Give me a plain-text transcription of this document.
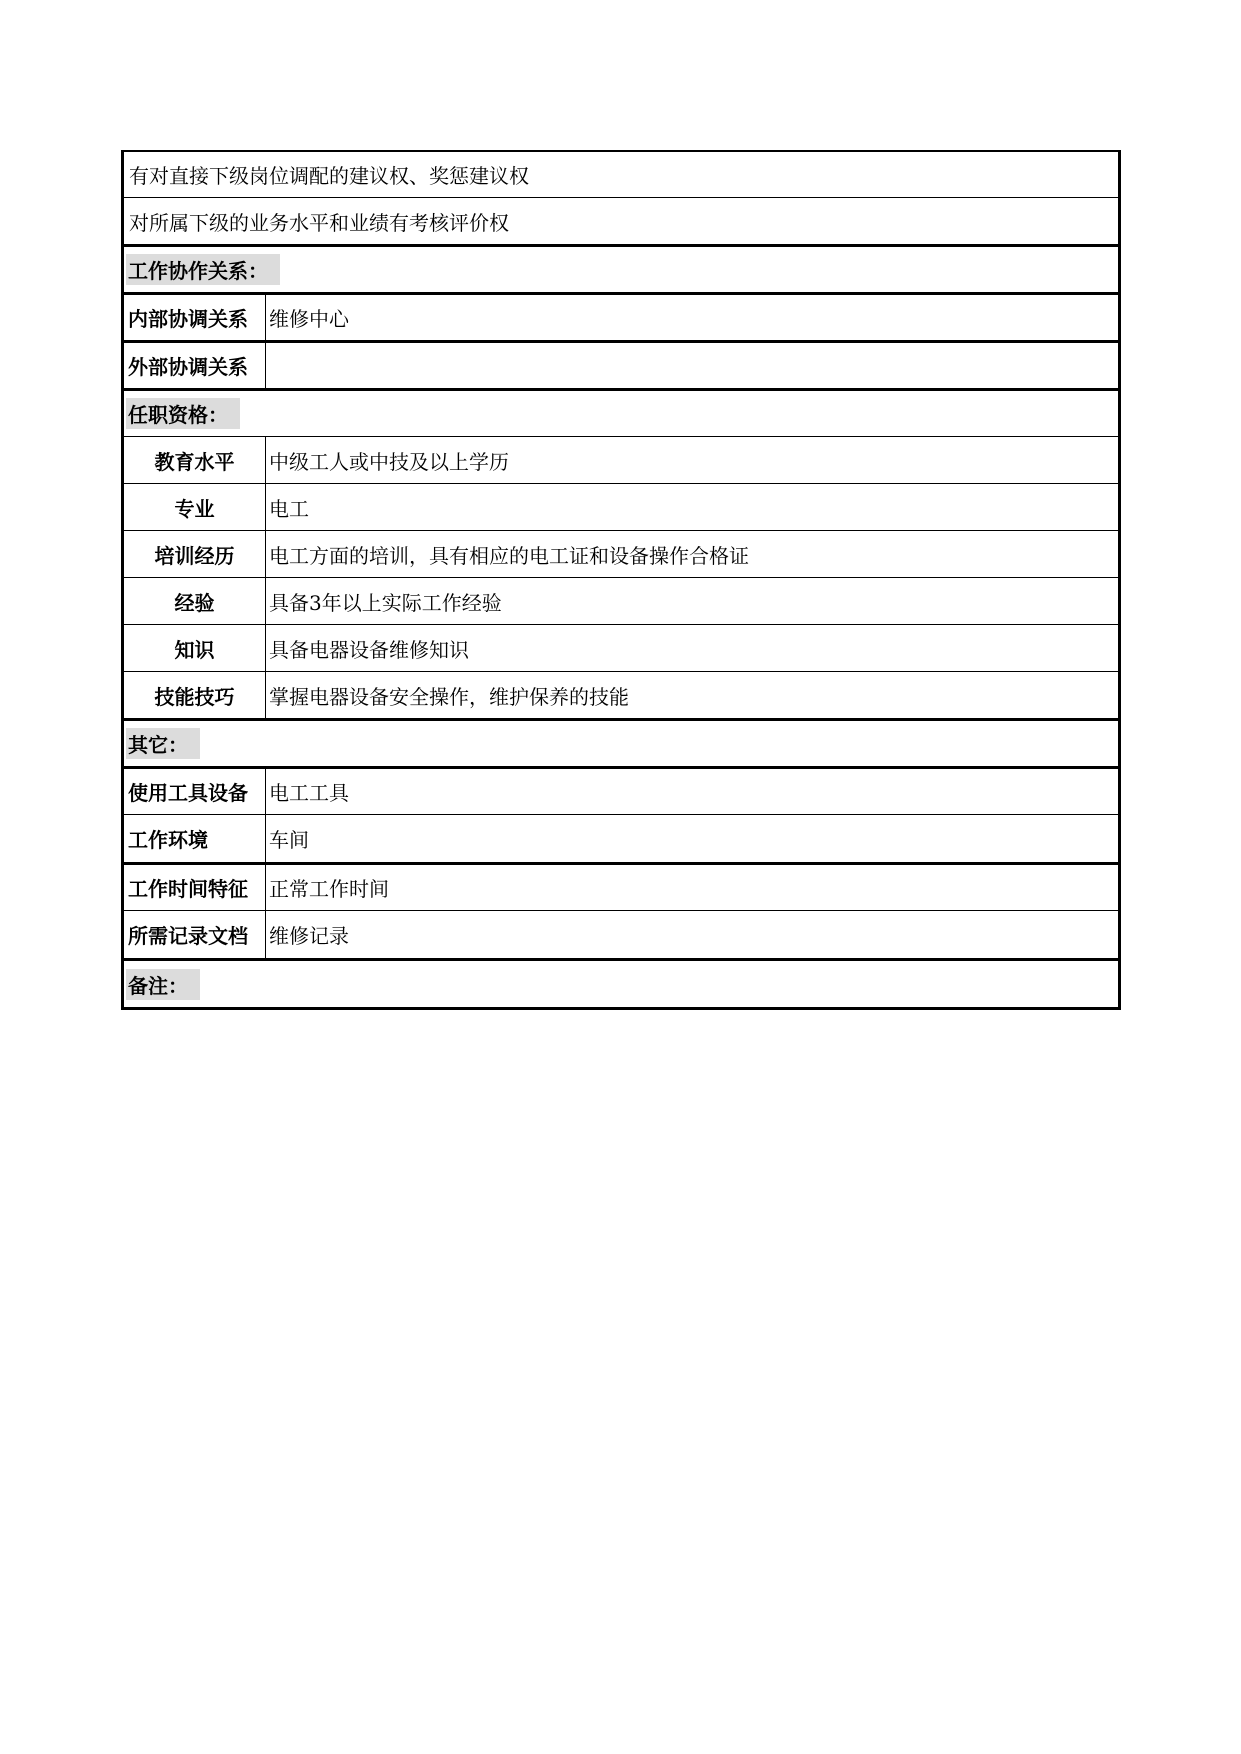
有对直接下级岗位调配的建议权、奖惩建议权
对所属下级的业务水平和业绩有考核评价权
工作协作关系：
内部协调关系	维修中心
外部协调关系
任职资格：
教育水平	中级工人或中技及以上学历
专业	电工
培训经历	电工方面的培训，具有相应的电工证和设备操作合格证
经验	具备3年以上实际工作经验
知识	具备电器设备维修知识
技能技巧	掌握电器设备安全操作，维护保养的技能
其它：
使用工具设备	电工工具
工作环境	车间
工作时间特征	正常工作时间
所需记录文档	维修记录
备注：
